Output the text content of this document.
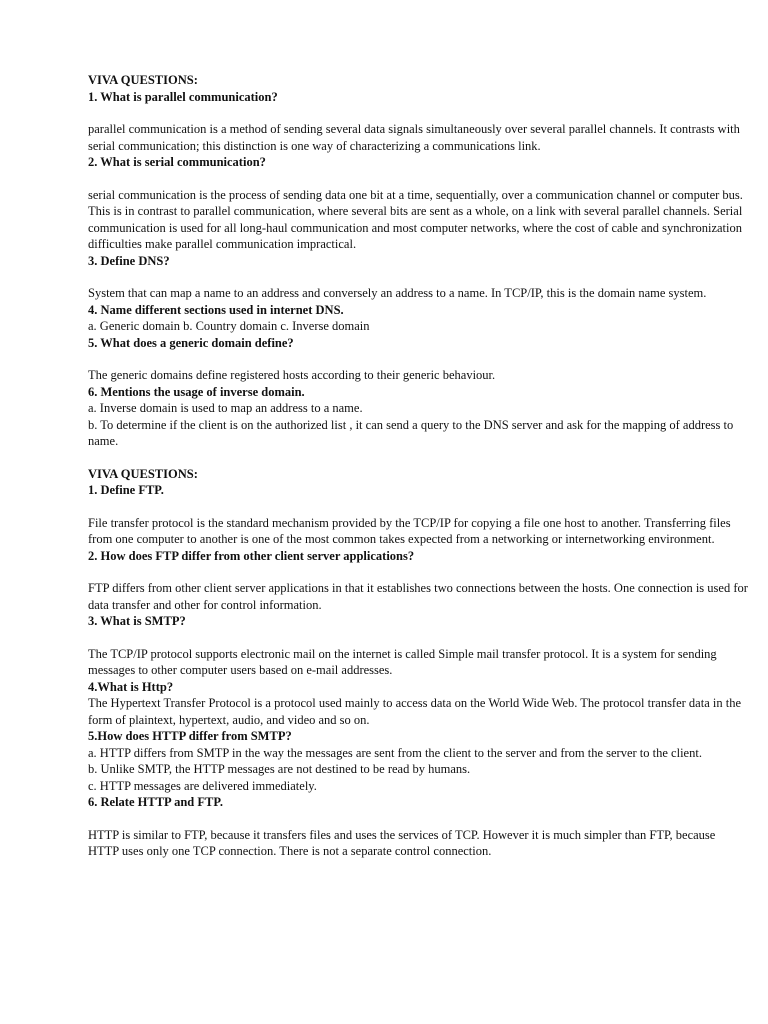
VIVA QUESTIONS:

1. What is parallel communication?

parallel communication is a method of sending several data signals simultaneously over several parallel channels. It contrasts with serial communication; this distinction is one way of characterizing a communications link.

2. What is serial communication?

serial communication is the process of sending data one bit at a time, sequentially, over a communication channel or computer bus. This is in contrast to parallel communication, where several bits are sent as a whole, on a link with several parallel channels. Serial communication is used for all long-haul communication and most computer networks, where the cost of cable and synchronization difficulties make parallel communication impractical.

3. Define DNS?

System that can map a name to an address and conversely an address to a name. In TCP/IP, this is the domain name system.

4. Name different sections used in internet DNS.

a. Generic domain b. Country domain c. Inverse domain

5. What does a generic domain define?

The generic domains define registered hosts according to their generic behaviour.

6. Mentions the usage of inverse domain.

a. Inverse domain is used to map an address to a name.

b. To determine if the client is on the authorized list , it can send a query to the DNS server and ask for the mapping of address to name.

VIVA QUESTIONS:

1. Define FTP.

File transfer protocol is the standard mechanism provided by the TCP/IP for copying a file one host to another. Transferring files from one computer to another is one of the most common takes expected from a networking or internetworking environment.

2. How does FTP differ from other client server applications?

FTP differs from other client server applications in that it establishes two connections between the hosts. One connection is used for data transfer and other for control information.

3. What is SMTP?

The TCP/IP protocol supports electronic mail on the internet is called Simple mail transfer protocol. It is a system for sending messages to other computer users based on e-mail addresses.

4.What is Http?

The Hypertext Transfer Protocol is a protocol used mainly to access data on the World Wide Web. The protocol transfer data in the form of plaintext, hypertext, audio, and video and so on.

5.How does HTTP differ from SMTP?

a. HTTP differs from SMTP in the way the messages are sent from the client to the server and from the server to the client.

b. Unlike SMTP, the HTTP messages are not destined to be read by humans.

c. HTTP messages are delivered immediately.

6. Relate HTTP and FTP.

HTTP is similar to FTP, because it transfers files and uses the services of TCP. However it is much simpler than FTP, because HTTP uses only one TCP connection. There is not a separate control connection.
